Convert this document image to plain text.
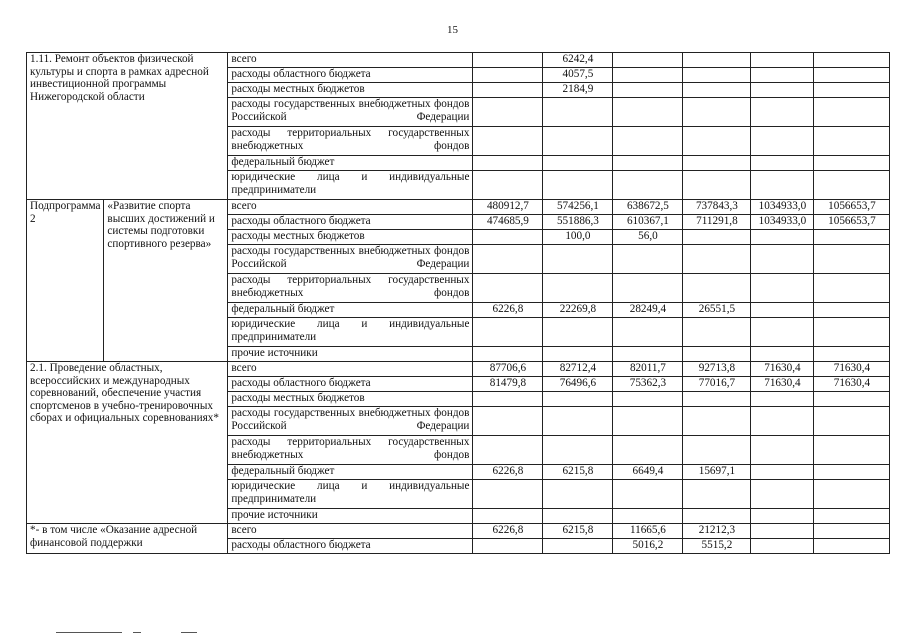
15
1.11. Ремонт объектов физической культуры и спорта в рамках адресной инвестиционной программы Нижегородской области		всего		6242,4				
		расходы областного бюджета		4057,5				
		расходы местных бюджетов		2184,9				
		расходы государственных внебюджетных фондов Российской Федерации						
		расходы территориальных государственных внебюджетных фондов						
		федеральный бюджет						
		юридические лица и индивидуальные предприниматели						
Подпрограмма 2	«Развитие спорта высших достижений и системы подготовки спортивного резерва»	всего	480912,7	574256,1	638672,5	737843,3	1034933,0	1056653,7
		расходы областного бюджета	474685,9	551886,3	610367,1	711291,8	1034933,0	1056653,7
		расходы местных бюджетов		100,0	56,0			
		расходы государственных внебюджетных фондов Российской Федерации						
		расходы территориальных государственных внебюджетных фондов						
		федеральный бюджет	6226,8	22269,8	28249,4	26551,5		
		юридические лица и индивидуальные предприниматели						
		прочие источники						
2.1. Проведение областных, всероссийских и международных соревнований, обеспечение участия спортсменов в учебно-тренировочных сборах и официальных соревнованиях*		всего	87706,6	82712,4	82011,7	92713,8	71630,4	71630,4
		расходы областного бюджета	81479,8	76496,6	75362,3	77016,7	71630,4	71630,4
		расходы местных бюджетов						
		расходы государственных внебюджетных фондов Российской Федерации						
		расходы территориальных государственных внебюджетных фондов						
		федеральный бюджет	6226,8	6215,8	6649,4	15697,1		
		юридические лица и индивидуальные предприниматели						
		прочие источники						
*- в том числе «Оказание адресной финансовой поддержки		всего	6226,8	6215,8	11665,6	21212,3		
		расходы областного бюджета			5016,2	5515,2		
